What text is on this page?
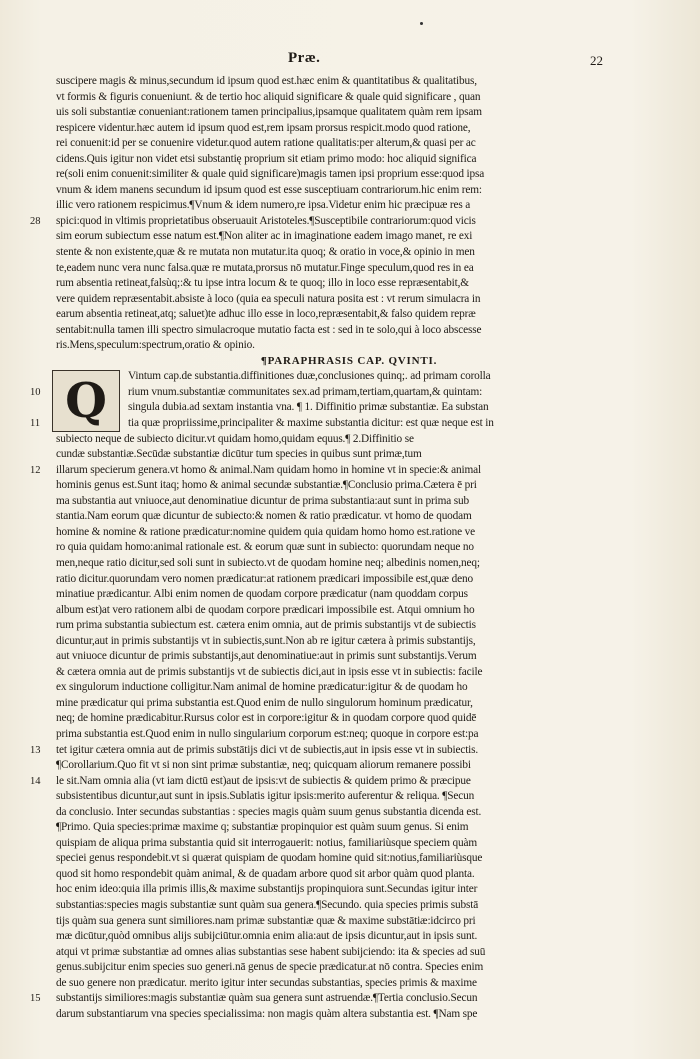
Præ.	22
suscipere magis & minus,secundum id ipsum quod est.hæc enim & quantitatibus & qualitatibus,
vt formis & figuris conueniunt. & de tertio hoc aliquid significare & quale quid significare , quan
uis soli substantiæ conueniant:rationem tamen principalius,ipsamque qualitatem quàm rem ipsam
respicere videntur.hæc autem id ipsum quod est,rem ipsam prorsus respicit.modo quod ratione,
rei conuenit:id per se conuenire videtur.quod autem ratione qualitatis:per alterum,& quasi per ac
cidens.Quis igitur non videt etsi substantię proprium sit etiam primo modo: hoc aliquid significa
re(soli enim conuenit:similiter & quale quid significare)magis tamen ipsi proprium esse:quod ipsa
vnum & idem manens secundum id ipsum quod est esse susceptiuam contrariorum.hic enim rem:
illic vero rationem respicimus.¶Vnum & idem numero,re ipsa.Videtur enim hic præcipuæ res a
spici:quod in vltimis proprietatibus obseruauit Aristoteles.¶Susceptibile contrariorum:quod vicis
sim eorum subiectum esse natum est.¶Non aliter ac in imaginatione eadem imago manet, re exi
stente & non existente,quæ & re mutata non mutatur.ita quoq; & oratio in voce,& opinio in men
te,eadem nunc vera nunc falsa.quæ re mutata,prorsus nō mutatur.Finge speculum,quod res in ea
rum absentia retineat,falsùq;:& tu ipse intra locum & te quoq; illo in loco esse repræsentabit,&
vere quidem repræsentabit.absiste à loco (quia ea speculi natura posita est : vt rerum simulacra in
earum absentia retineat,atq; saluet)te adhuc illo esse in loco,repræsentabit,& falso quidem repræ
sentabit:nulla tamen illi spectro simulacroque mutatio facta est : sed in te solo,qui à loco abscesse
ris.Mens,speculum:spectrum,oratio & opinio.
¶PARAPHRASIS CAP. QVINTI.
Vintum cap.de substantia.diffinitiones duæ,conclusiones quinq;. ad primam corolla
rium vnum.substantiæ communitates sex.ad primam,tertiam,quartam,& quintam:
singula dubia.ad sextam instantia vna. ¶ 1. Diffinitio primæ substantiæ. Ea substan
tia quæ propriissime,principaliter & maxime substantia dicitur: est quæ neque est in
subiecto neque de subiecto dicitur.vt quidam homo,quidam equus.¶ 2.Diffinitio se
cundæ substantiæ.Secūdæ substantiæ dicūtur tum species in quibus sunt primæ,tum
illarum specierum genera.vt homo & animal.Nam quidam homo in homine vt in specie:& animal
hominis genus est.Sunt itaq; homo & animal secundæ substantiæ.¶Conclusio prima.Cætera ē pri
ma substantia aut vniuoce,aut denominatiue dicuntur de prima substantia:aut sunt in prima sub
stantia.Nam eorum quæ dicuntur de subiecto:& nomen & ratio prædicatur. vt homo de quodam
homine & nomine & ratione prædicatur:nomine quidem quia quidam homo homo est.ratione ve
ro quia quidam homo:animal rationale est. & eorum quæ sunt in subiecto: quorundam neque no
men,neque ratio dicitur,sed soli sunt in subiecto.vt de quodam homine neq; albedinis nomen,neq;
ratio dicitur.quorundam vero nomen prædicatur:at rationem prædicari impossibile est,quæ deno
minatiue prædicantur. Albi enim nomen de quodam corpore prædicatur (nam quoddam corpus
album est)at vero rationem albi de quodam corpore prædicari impossibile est. Atqui omnium ho
rum prima substantia subiectum est. cætera enim omnia, aut de primis substantijs vt de subiectis
dicuntur,aut in primis substantijs vt in subiectis,sunt.Non ab re igitur cætera à primis substantijs,
aut vniuoce dicuntur de primis substantijs,aut denominatiue:aut in primis sunt substantijs.Verum
& cætera omnia aut de primis substantijs vt de subiectis dici,aut in ipsis esse vt in subiectis: facile
ex singulorum inductione colligitur.Nam animal de homine prædicatur:igitur & de quodam ho
mine prædicatur qui prima substantia est.Quod enim de nullo singulorum hominum prædicatur,
neq; de homine prædicabitur.Rursus color est in corpore:igitur & in quodam corpore quod quidē
prima substantia est.Quod enim in nullo singularium corporum est:neq; quoque in corpore est:pa
tet igitur cætera omnia aut de primis substātijs dici vt de subiectis,aut in ipsis esse vt in subiectis.
¶Corollarium.Quo fit vt si non sint primæ substantiæ, neq; quicquam aliorum remanere possibi
le sit.Nam omnia alia (vt iam dictū est)aut de ipsis:vt de subiectis & quidem primo & præcipue
subsistentibus dicuntur,aut sunt in ipsis.Sublatis igitur ipsis:merito auferentur & reliqua. ¶Secun
da conclusio. Inter secundas substantias : species magis quàm suum genus substantia dicenda est.
¶Primo. Quia species:primæ maxime q; substantiæ propinquior est quàm suum genus. Si enim
quispiam de aliqua prima substantia quid sit interrogauerit: notius, familiariùsque speciem quàm
speciei genus respondebit.vt si quærat quispiam de quodam homine quid sit:notius,familiariùsque
quod sit homo respondebit quàm animal, & de quadam arbore quod sit arbor quàm quod planta.
hoc enim ideo:quia illa primis illis,& maxime substantijs propinquiora sunt.Secundas igitur inter
substantias:species magis substantiæ sunt quàm sua genera.¶Secundo. quia species primis substā
tijs quàm sua genera sunt similiores.nam primæ substantiæ quæ & maxime substātiæ:idcirco pri
mæ dicūtur,quòd omnibus alijs subijciūtur.omnia enim alia:aut de ipsis dicuntur,aut in ipsis sunt.
atqui vt primæ substantiæ ad omnes alias substantias sese habent subijciendo: ita & species ad suū
genus.subijcitur enim species suo generi.nā genus de specie prædicatur.at nō contra. Species enim
de suo genere non prædicatur. merito igitur inter secundas substantias, species primis & maxime
substantijs similiores:magis substantiæ quàm sua genera sunt astruendæ.¶Tertia conclusio.Secun
darum substantiarum vna species specialissima: non magis quàm altera substantia est. ¶Nam spe
Q
28
10
11
12
13
14
15
